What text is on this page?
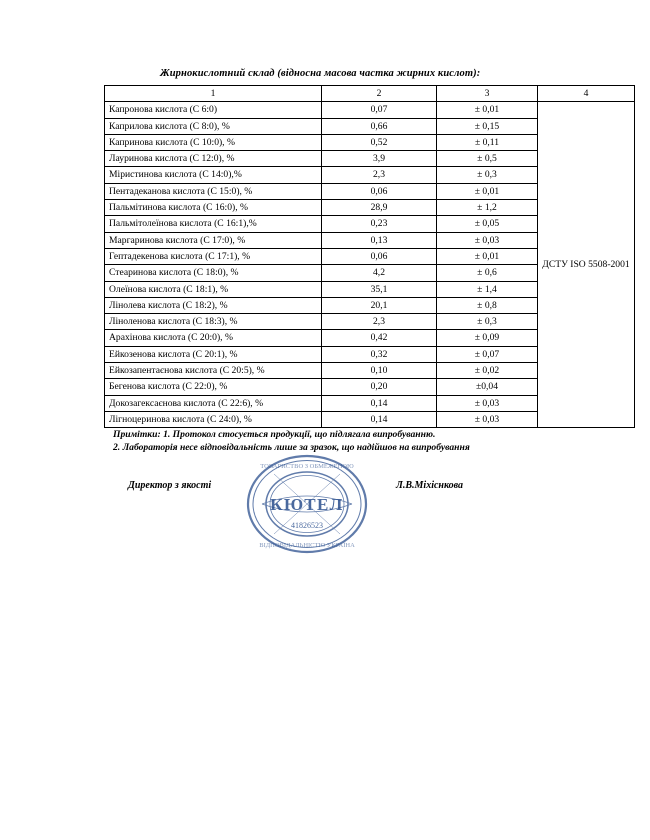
Жирнокислотний склад (відносна масова частка жирних кислот):
1	2	3	4
Капронова кислота (С 6:0)	0,07	± 0,01	ДСТУ ISO 5508-2001
Каприлова кислота (С 8:0), %	0,66	± 0,15	
Капринова кислота (С 10:0), %	0,52	± 0,11	
Лауринова кислота (С 12:0), %	3,9	± 0,5	
Міристинова кислота (С 14:0),%	2,3	± 0,3	
Пентадеканова кислота (С 15:0), %	0,06	± 0,01	
Пальмітинова кислота (С 16:0), %	28,9	± 1,2	
Пальмітолеїнова кислота (С 16:1),%	0,23	± 0,05	
Маргаринова кислота (С 17:0), %	0,13	± 0,03	
Гептадекенова кислота (С 17:1), %	0,06	± 0,01	
Стеаринова кислота (С 18:0), %	4,2	± 0,6	
Олеїнова кислота (С 18:1), %	35,1	± 1,4	
Лінолева кислота (С 18:2), %	20,1	± 0,8	
Ліноленова кислота (С 18:3), %	2,3	± 0,3	
Арахінова кислота (С 20:0), %	0,42	± 0,09	
Ейкозенова кислота (С 20:1), %	0,32	± 0,07	
Ейкозапентаєнова кислота (С 20:5), %	0,10	± 0,02	
Бегенова кислота (С 22:0), %	0,20	±0,04	
Докозагексаєнова кислота (С 22:6), %	0,14	± 0,03	
Лігноцеринова кислота (С 24:0), %	0,14	± 0,03	
Примітки: 1. Протокол стосується продукції, що підлягала випробуванню.
2. Лабораторія несе відповідальність лише за зразок, що надійшов на випробування
Директор з якості	Л.В.Міхіснкова
КЮТЕЛ
41826523
ТОВАРИСТВО З ОБМЕЖЕНОЮ
ВІДПОВІДАЛЬНІСТЮ УКРАЇНА
